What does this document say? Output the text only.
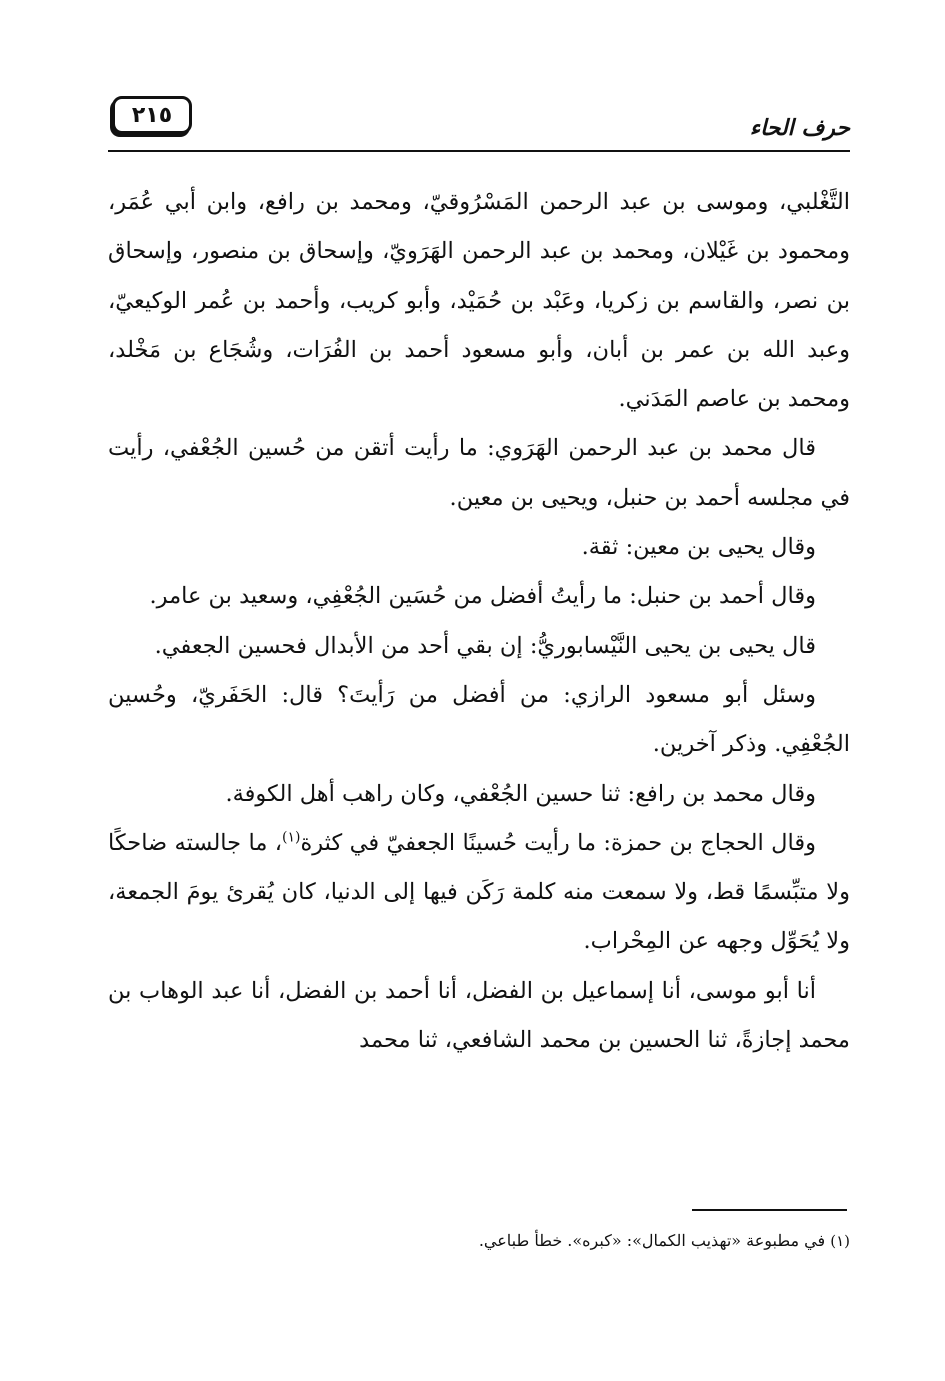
حرف الحاء
٢١٥

التَّغْلبي، وموسى بن عبد الرحمن المَسْرُوقيّ، ومحمد بن رافع، وابن أبي عُمَر، ومحمود بن غَيْلان، ومحمد بن عبد الرحمن الهَرَويّ، وإسحاق بن منصور، وإسحاق بن نصر، والقاسم بن زكريا، وعَبْد بن حُمَيْد، وأبو كريب، وأحمد بن عُمر الوكيعيّ، وعبد الله بن عمر بن أبان، وأبو مسعود أحمد بن الفُرَات، وشُجَاع بن مَخْلد، ومحمد بن عاصم المَدَني.

قال محمد بن عبد الرحمن الهَرَوي: ما رأيت أتقن من حُسين الجُعْفي، رأيت في مجلسه أحمد بن حنبل، ويحيى بن معين.

وقال يحيى بن معين: ثقة.

وقال أحمد بن حنبل: ما رأيتُ أفضل من حُسَين الجُعْفِي، وسعيد بن عامر.

قال يحيى بن يحيى النَّيْسابوريُّ: إن بقي أحد من الأبدال فحسين الجعفي.

وسئل أبو مسعود الرازي: من أفضل من رَأيتَ؟ قال: الحَفَريّ، وحُسين الجُعْفِي. وذكر آخرين.

وقال محمد بن رافع: ثنا حسين الجُعْفي، وكان راهب أهل الكوفة.

وقال الحجاج بن حمزة: ما رأيت حُسينًا الجعفيّ في كثرة$^{(١)}$، ما جالسته ضاحكًا ولا متبِّسمًا قط، ولا سمعت منه كلمة رَكَن فيها إلى الدنيا، كان يُقرئ يومَ الجمعة، ولا يُحَوِّل وجهه عن المِحْراب.

أنا أبو موسى، أنا إسماعيل بن الفضل، أنا أحمد بن الفضل، أنا عبد الوهاب بن محمد إجازةً، ثنا الحسين بن محمد الشافعي، ثنا محمد

(١) في مطبوعة «تهذيب الكمال»: «كبره». خطأ طباعي.
